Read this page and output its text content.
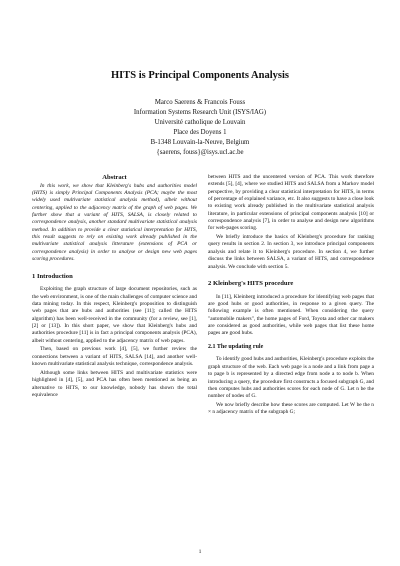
HITS is Principal Components Analysis
Marco Saerens & Francois Fouss
Information Systems Research Unit (ISYS/IAG)
Université catholique de Louvain
Place des Doyens 1
B-1348 Louvain-la-Neuve, Belgium
{saerens, fouss}@isys.ucl.ac.be

Abstract

In this work, we show that Kleinberg's hubs and authorities model (HITS) is simply Principal Components Analysis (PCA; maybe the most widely used multivariate statistical analysis method), albeit without centering, applied to the adjacency matrix of the graph of web pages. We further show that a variant of HITS, SALSA, is closely related to correspondence analysis, another standard multivariate statistical analysis method. In addition to provide a clear statistical interpretation for HITS, this result suggests to rely on existing work already published in the multivariate statistical analysis litterature (extensions of PCA or correspondence analysis) in order to analyse or design new web pages scoring procedures.

1 Introduction

Exploiting the graph structure of large document repositories, such as the web environment, is one of the main challenges of computer science and data mining today. In this respect, Kleinberg's proposition to distinguish web pages that are hubs and authorities (see [11]; called the HITS algorithm) has been well-received in the community (for a review, see [1], [2] or [13]). In this short paper, we show that Kleinberg's hubs and authorities procedure [11] is in fact a principal components analysis (PCA), albeit without centering, applied to the adjacency matrix of web pages.

Then, based on previous work [4], [5], we further review the connections between a variant of HITS, SALSA [14], and another well-known multivariate statistical analysis technique, correspondence analysis.

Although some links between HITS and multivariate statistics were highlighted in [4], [5], and PCA has often been mentioned as being an alternative to HITS, to our knowledge, nobody has shown the total equivalence

between HITS and the uncentered version of PCA. This work therefore extends [5], [4], where we studied HITS and SALSA from a Markov model perspective, by providing a clear statistical interpretation for HITS, in terms of percentage of explained variance, etc. It also suggests to have a close look to existing work already published in the multivariate statistical analysis literature, in particular extensions of principal components analysis [10] or correspondence analysis [7], in order to analyse and design new algorithms for web-pages scoring.

We briefly introduce the basics of Kleinberg's procedure for ranking query results in section 2. In section 3, we introduce principal components analysis and relate it to Kleinberg's procedure. In section 4, we further discuss the links between SALSA, a variant of HITS, and correspondence analysis. We conclude with section 5.

2 Kleinberg's HITS procedure

In [11], Kleinberg introduced a procedure for identifying web pages that are good hubs or good authorities, in response to a given query. The following example is often mentioned. When considering the query "automobile makers", the home pages of Ford, Toyota and other car makers are considered as good authorities, while web pages that list these home pages are good hubs.

2.1 The updating rule

To identify good hubs and authorities, Kleinberg's procedure exploits the graph structure of the web. Each web page is a node and a link from page a to page b is represented by a directed edge from node a to node b. When introducing a query, the procedure first constructs a focused subgraph G, and then computes hubs and authorities scores for each node of G. Let n be the number of nodes of G.

We now briefly describe how these scores are computed. Let W be the n × n adjacency matrix of the subgraph G;

1
